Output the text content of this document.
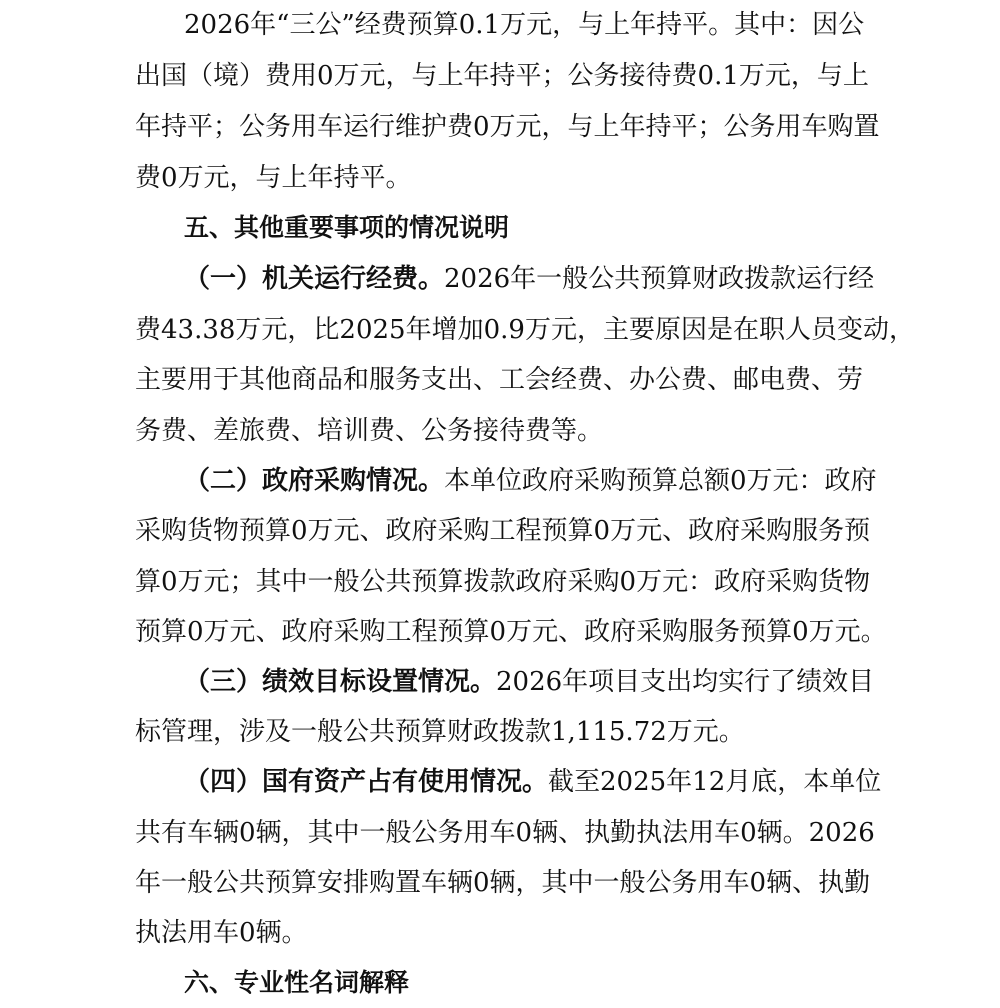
2026年“三公”经费预算0.1万元，与上年持平。其中：因公
出国（境）费用0万元，与上年持平；公务接待费0.1万元，与上
年持平；公务用车运行维护费0万元，与上年持平；公务用车购置
费0万元，与上年持平。
五、其他重要事项的情况说明
（一）机关运行经费。2026年一般公共预算财政拨款运行经
费43.38万元，比2025年增加0.9万元，主要原因是在职人员变动，
主要用于其他商品和服务支出、工会经费、办公费、邮电费、劳
务费、差旅费、培训费、公务接待费等。
（二）政府采购情况。本单位政府采购预算总额0万元：政府
采购货物预算0万元、政府采购工程预算0万元、政府采购服务预
算0万元；其中一般公共预算拨款政府采购0万元：政府采购货物
预算0万元、政府采购工程预算0万元、政府采购服务预算0万元。
（三）绩效目标设置情况。2026年项目支出均实行了绩效目
标管理，涉及一般公共预算财政拨款1,115.72万元。
（四）国有资产占有使用情况。截至2025年12月底，本单位
共有车辆0辆，其中一般公务用车0辆、执勤执法用车0辆。2026
年一般公共预算安排购置车辆0辆，其中一般公务用车0辆、执勤
执法用车0辆。
六、专业性名词解释
